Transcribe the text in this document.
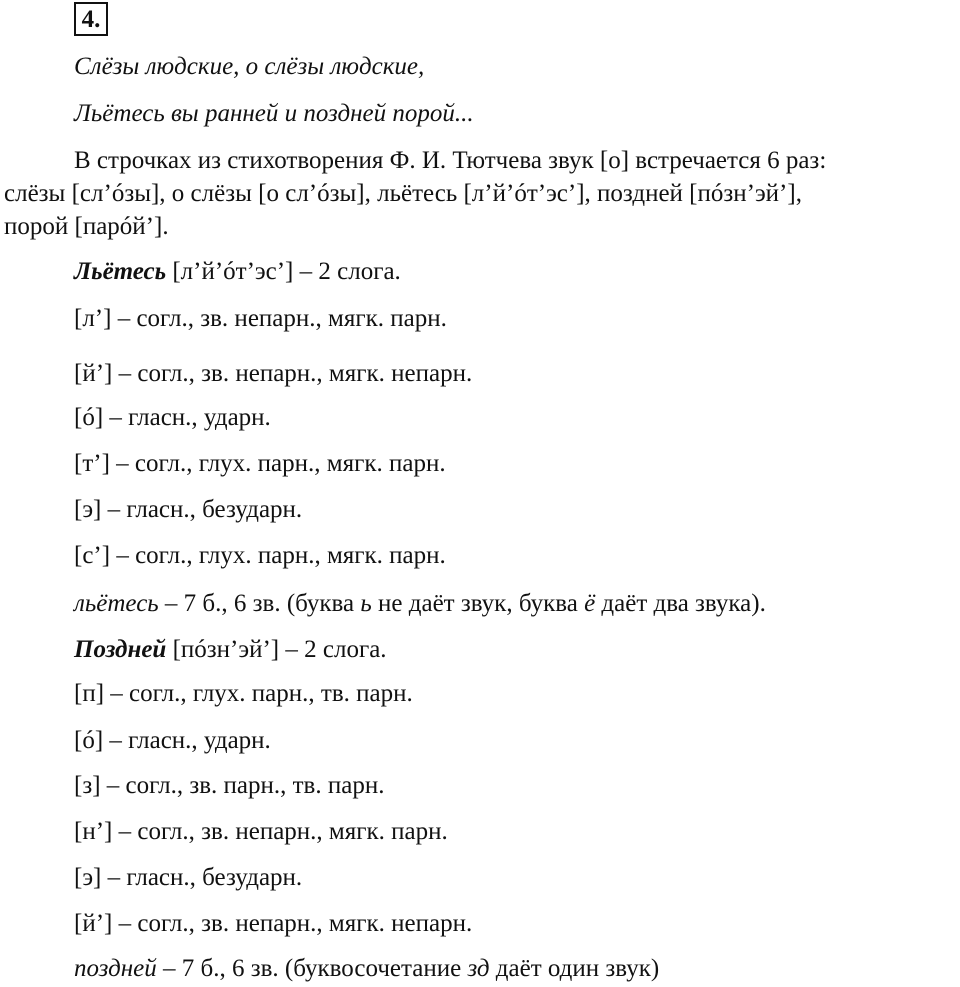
4.
Слёзы людские, о слёзы людские,
Льётесь вы ранней и поздней порой...
В строчках из стихотворения Ф. И. Тютчева звук [о] встречается 6 раз:
слёзы [сл’óзы], о слёзы [о сл’óзы], льётесь [л’й’óт’эс’], поздней [пóзн’эй’],
порой [парóй’].
Льётесь [л’й’óт’эс’] – 2 слога.
[л’] – согл., зв. непарн., мягк. парн.
[й’] – согл., зв. непарн., мягк. непарн.
[ó] – гласн., ударн.
[т’] – согл., глух. парн., мягк. парн.
[э] – гласн., безударн.
[с’] – согл., глух. парн., мягк. парн.
льётесь – 7 б., 6 зв. (буква ь не даёт звук, буква ё даёт два звука).
Поздней [пóзн’эй’] – 2 слога.
[п] – согл., глух. парн., тв. парн.
[ó] – гласн., ударн.
[з] – согл., зв. парн., тв. парн.
[н’] – согл., зв. непарн., мягк. парн.
[э] – гласн., безударн.
[й’] – согл., зв. непарн., мягк. непарн.
поздней – 7 б., 6 зв. (буквосочетание зд даёт один звук)
